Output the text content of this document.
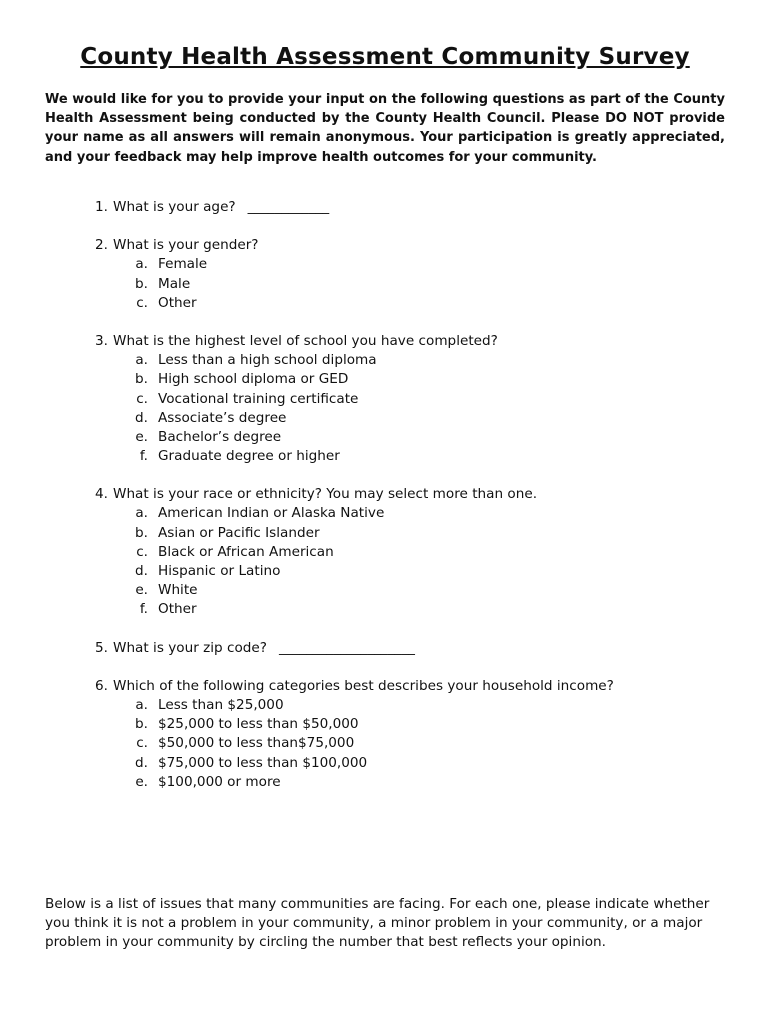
County Health Assessment Community Survey
We would like for you to provide your input on the following questions as part of the County Health Assessment being conducted by the County Health Council. Please DO NOT provide your name as all answers will remain anonymous. Your participation is greatly appreciated, and your feedback may help improve health outcomes for your community.
1. What is your age? ____________
2. What is your gender?
a. Female
b. Male
c. Other
3. What is the highest level of school you have completed?
a. Less than a high school diploma
b. High school diploma or GED
c. Vocational training certificate
d. Associate’s degree
e. Bachelor’s degree
f. Graduate degree or higher
4. What is your race or ethnicity? You may select more than one.
a. American Indian or Alaska Native
b. Asian or Pacific Islander
c. Black or African American
d. Hispanic or Latino
e. White
f. Other
5. What is your zip code? ____________________
6. Which of the following categories best describes your household income?
a. Less than $25,000
b. $25,000 to less than $50,000
c. $50,000 to less than$75,000
d. $75,000 to less than $100,000
e. $100,000 or more
Below is a list of issues that many communities are facing. For each one, please indicate whether you think it is not a problem in your community, a minor problem in your community, or a major problem in your community by circling the number that best reflects your opinion.
